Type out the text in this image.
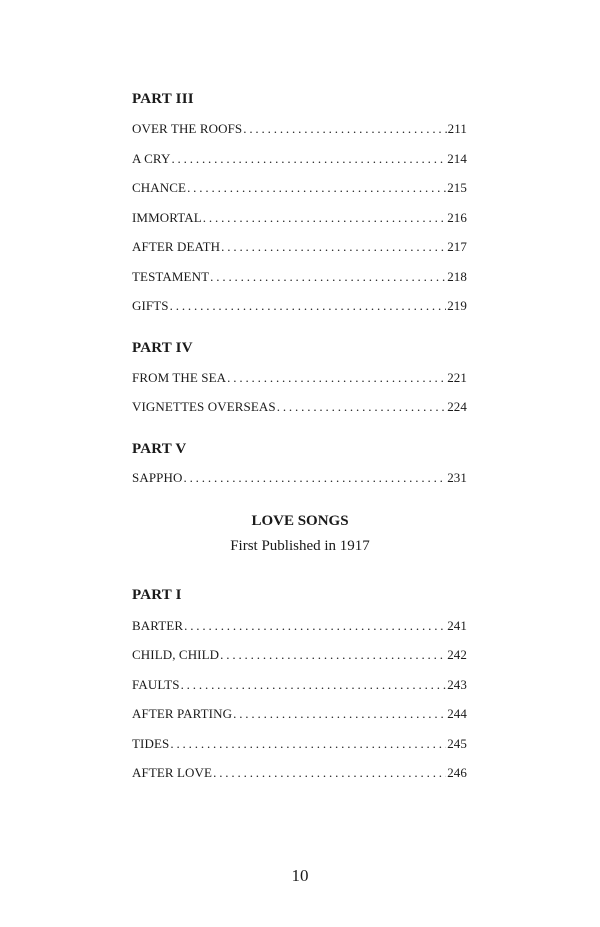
PART III
OVER THE ROOFS . . .	211
A CRY . . .	214
CHANCE . . .	215
IMMORTAL . . .	216
AFTER DEATH . . .	217
TESTAMENT . . .	218
GIFTS . . .	219
PART IV
FROM THE SEA . . .	221
VIGNETTES OVERSEAS . . .	224
PART V
SAPPHO . . .	231
LOVE SONGS
First Published in 1917
PART I
BARTER . . .	241
CHILD, CHILD . . .	242
FAULTS . . .	243
AFTER PARTING . . .	244
TIDES . . .	245
AFTER LOVE . . .	246
10
